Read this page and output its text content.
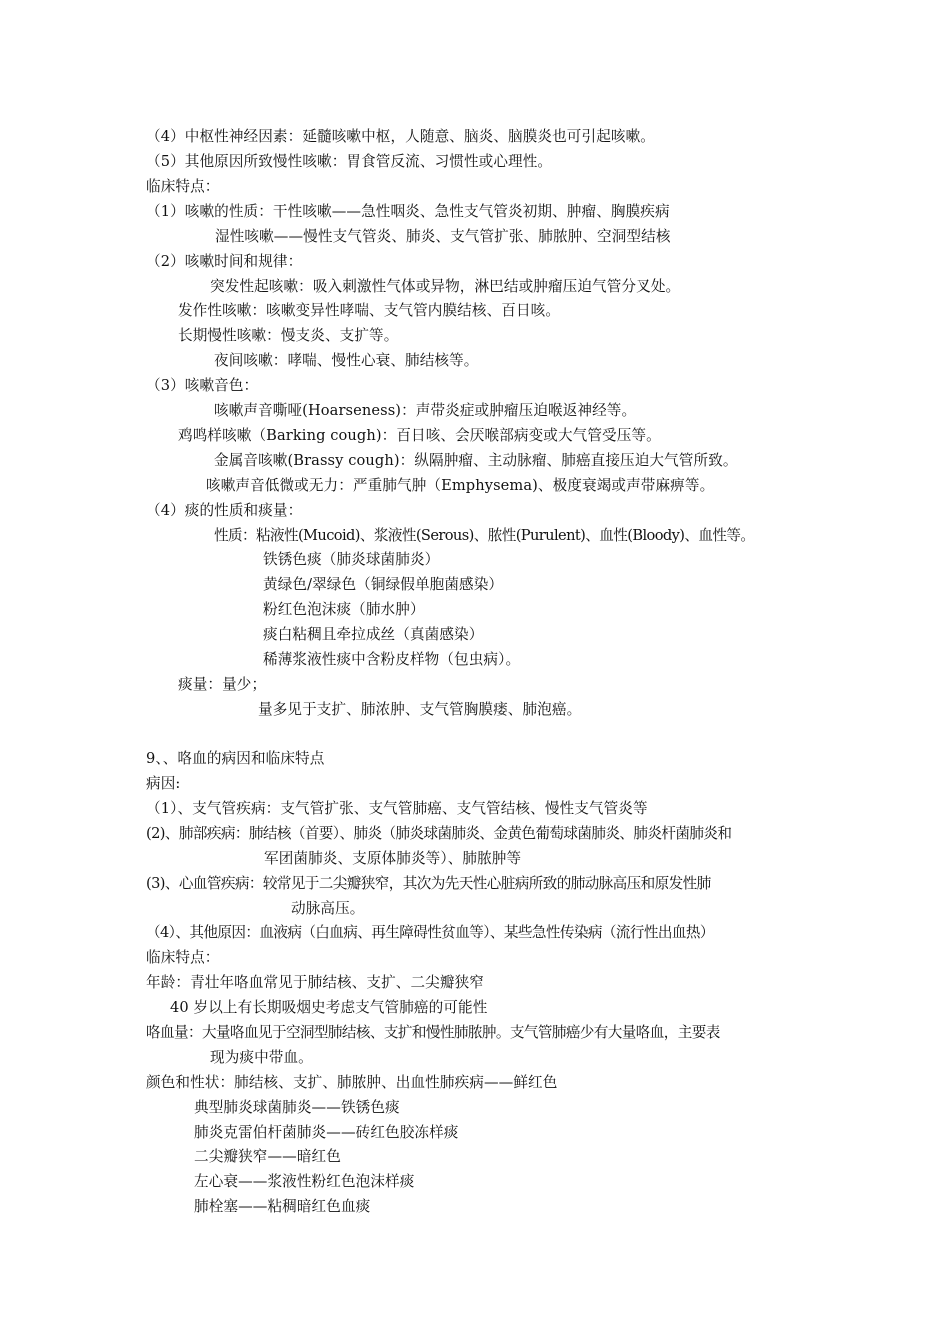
（4）中枢性神经因素：延髓咳嗽中枢，人随意、脑炎、脑膜炎也可引起咳嗽。
（5）其他原因所致慢性咳嗽：胃食管反流、习惯性或心理性。
临床特点：
（1）咳嗽的性质：干性咳嗽——急性咽炎、急性支气管炎初期、肿瘤、胸膜疾病
湿性咳嗽——慢性支气管炎、肺炎、支气管扩张、肺脓肿、空洞型结核
（2）咳嗽时间和规律：
突发性起咳嗽：吸入刺激性气体或异物，淋巴结或肿瘤压迫气管分叉处。
发作性咳嗽：咳嗽变异性哮喘、支气管内膜结核、百日咳。
长期慢性咳嗽：慢支炎、支扩等。
夜间咳嗽：哮喘、慢性心衰、肺结核等。
（3）咳嗽音色：
咳嗽声音嘶哑(Hoarseness)：声带炎症或肿瘤压迫喉返神经等。
鸡鸣样咳嗽（Barking cough)：百日咳、会厌喉部病变或大气管受压等。
金属音咳嗽(Brassy cough)：纵隔肿瘤、主动脉瘤、肺癌直接压迫大气管所致。
咳嗽声音低微或无力：严重肺气肿（Emphysema)、极度衰竭或声带麻痹等。
（4）痰的性质和痰量：
性质：粘液性(Mucoid)、浆液性(Serous)、脓性(Purulent)、血性(Bloody)、血性等。
铁锈色痰（肺炎球菌肺炎）
黄绿色/翠绿色（铜绿假单胞菌感染）
粉红色泡沫痰（肺水肿）
痰白粘稠且牵拉成丝（真菌感染）
稀薄浆液性痰中含粉皮样物（包虫病）。
痰量：量少；
量多见于支扩、肺浓肿、支气管胸膜瘘、肺泡癌。
9、、咯血的病因和临床特点
病因:
（1）、支气管疾病：支气管扩张、支气管肺癌、支气管结核、慢性支气管炎等
(2)、肺部疾病：肺结核（首要）、肺炎（肺炎球菌肺炎、金黄色葡萄球菌肺炎、肺炎杆菌肺炎和
军团菌肺炎、支原体肺炎等）、肺脓肿等
(3)、心血管疾病：较常见于二尖瓣狭窄，其次为先天性心脏病所致的肺动脉高压和原发性肺
动脉高压。
（4）、其他原因：血液病（白血病、再生障碍性贫血等）、某些急性传染病（流行性出血热）
临床特点：
年龄：青壮年咯血常见于肺结核、支扩、二尖瓣狭窄
40 岁以上有长期吸烟史考虑支气管肺癌的可能性
咯血量：大量咯血见于空洞型肺结核、支扩和慢性肺脓肿。支气管肺癌少有大量咯血，主要表
现为痰中带血。
颜色和性状：肺结核、支扩、肺脓肿、出血性肺疾病——鲜红色
典型肺炎球菌肺炎——铁锈色痰
肺炎克雷伯杆菌肺炎——砖红色胶冻样痰
二尖瓣狭窄——暗红色
左心衰——浆液性粉红色泡沫样痰
肺栓塞——粘稠暗红色血痰
